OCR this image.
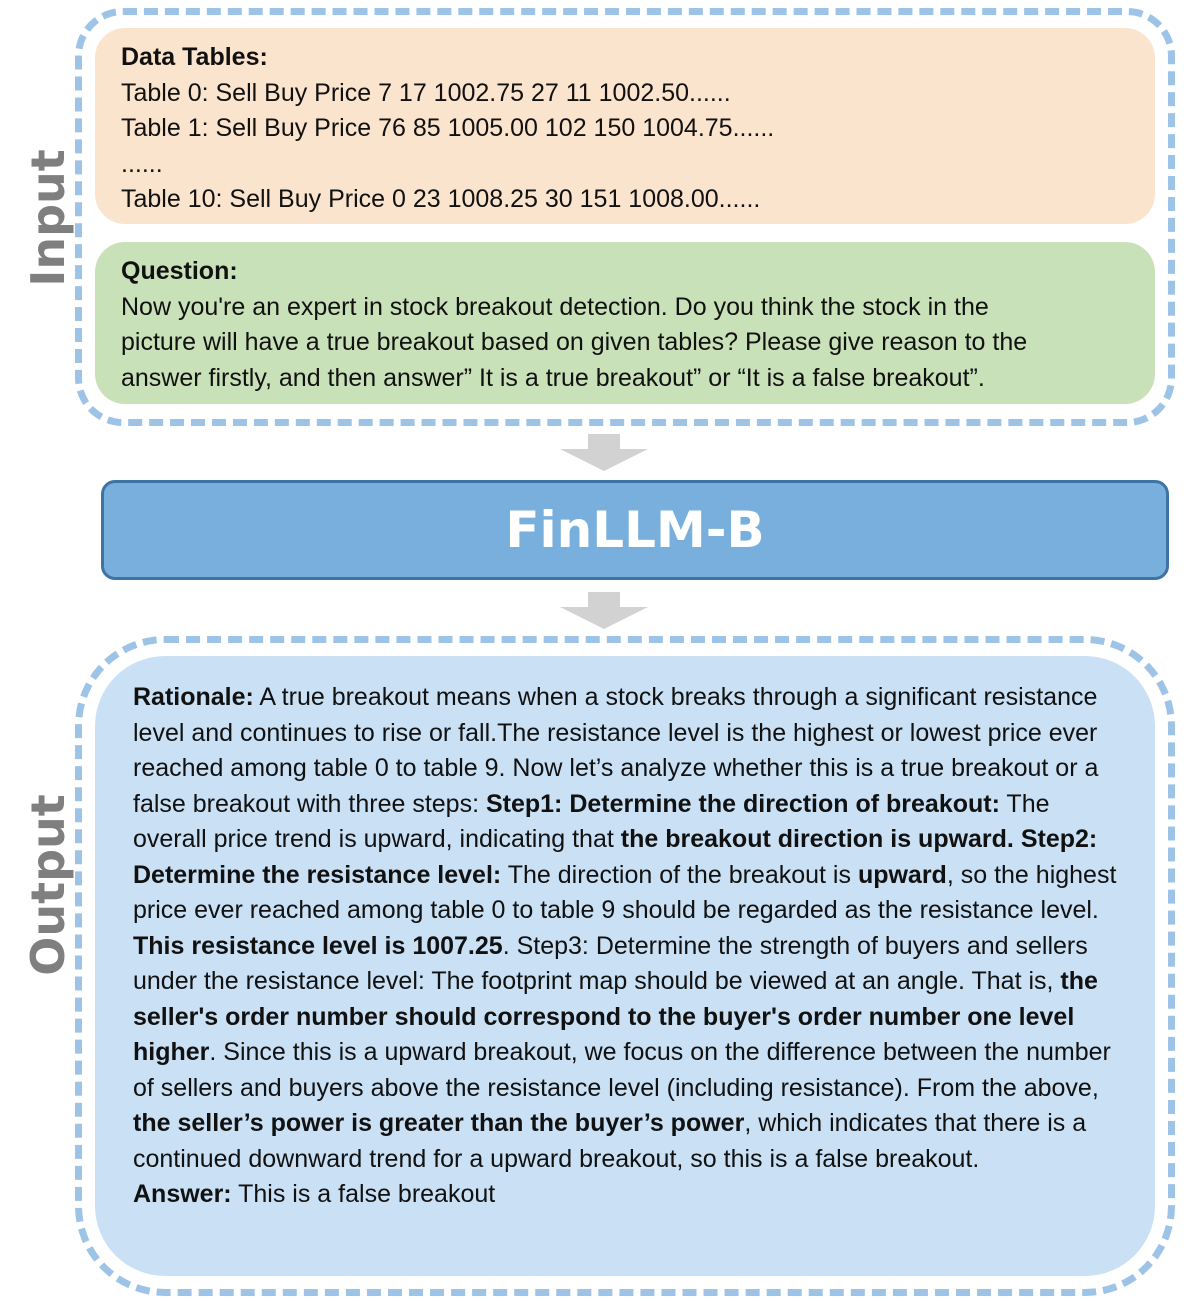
Input
Output
Data Tables:
Table 0: Sell Buy Price 7 17 1002.75 27 11 1002.50......
Table 1: Sell Buy Price 76 85 1005.00 102 150 1004.75......
......
Table 10: Sell Buy Price 0 23 1008.25 30 151 1008.00......
Question:
Now you're an expert in stock breakout detection. Do you think the stock in the
picture will have a true breakout based on given tables? Please give reason to the
answer firstly, and then answer” It is a true breakout” or “It is a false breakout”.
FinLLM-B
Rationale: A true breakout means when a stock breaks through a significant resistance level and continues to rise or fall.The resistance level is the highest or lowest price ever reached among table 0 to table 9. Now let’s analyze whether this is a true breakout or a false breakout with three steps: Step1: Determine the direction of breakout: The overall price trend is upward, indicating that the breakout direction is upward. Step2: Determine the resistance level: The direction of the breakout is upward, so the highest price ever reached among table 0 to table 9 should be regarded as the resistance level. This resistance level is 1007.25. Step3: Determine the strength of buyers and sellers under the resistance level: The footprint map should be viewed at an angle. That is, the seller's order number should correspond to the buyer's order number one level higher. Since this is a upward breakout, we focus on the difference between the number of sellers and buyers above the resistance level (including resistance). From the above, the seller’s power is greater than the buyer’s power, which indicates that there is a continued downward trend for a upward breakout, so this is a false breakout.
Answer: This is a false breakout
